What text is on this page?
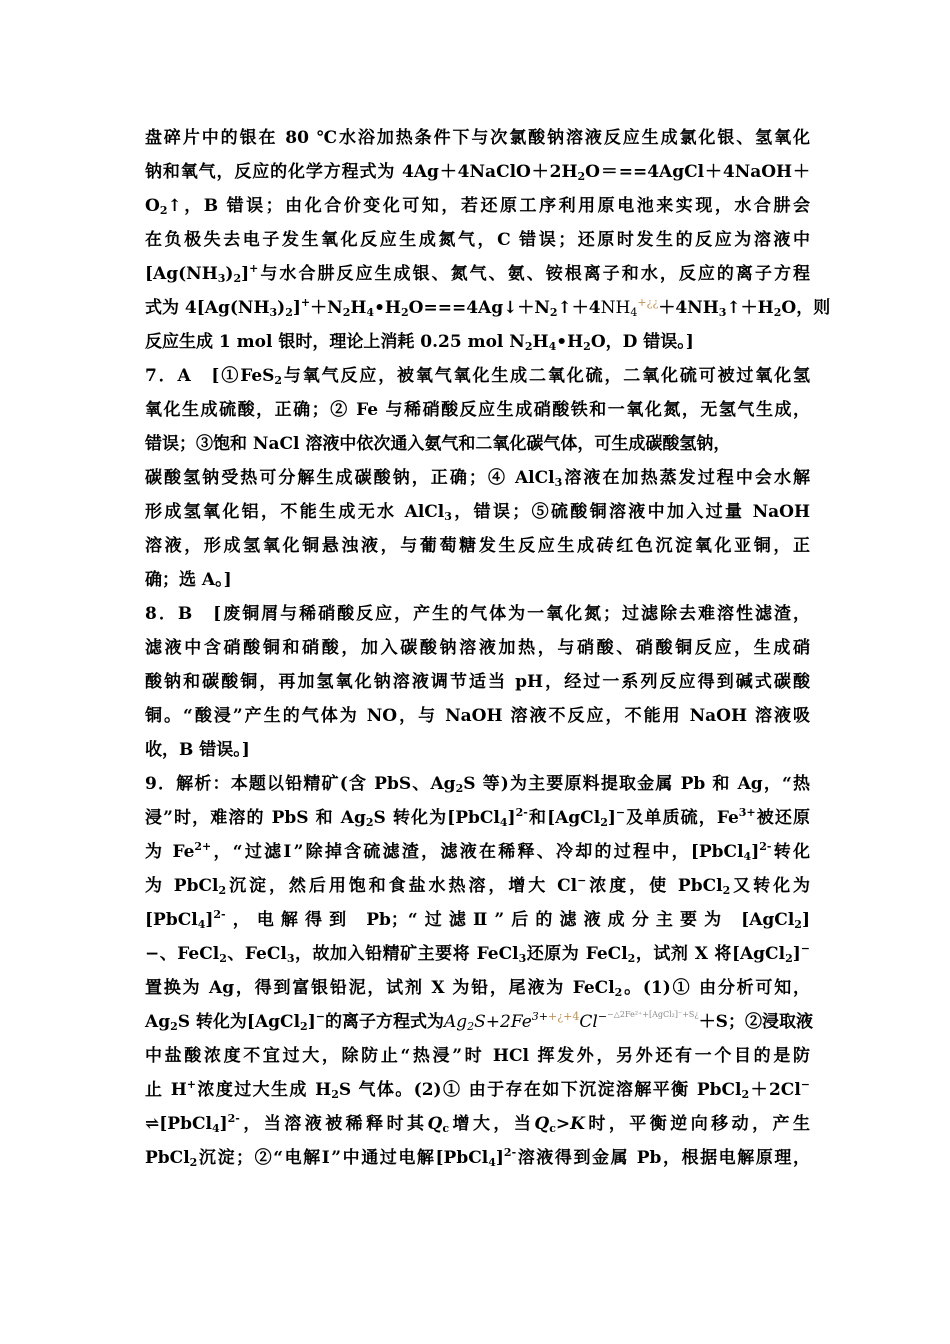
盘碎片中的银在 80 ℃水浴加热条件下与次氯酸钠溶液反应生成氯化银、氢氧化
钠和氧气，反应的化学方程式为 $4Ag+4NaClO+2H_2O===4AgCl+4NaOH+$
$O_2↑$，B 错误；由化合价变化可知，若还原工序利用原电池来实现，水合肼会
在负极失去电子发生氧化反应生成氮气，C 错误；还原时发生的反应为溶液中
$[Ag(NH_3)_2]^+$与水合肼反应生成银、氮气、氨、铵根离子和水，反应的离子方程
式为 $4[Ag(NH_3)_2]^++N_2H_4•H_2O===4Ag↓+N_2↑+4NH_4^{+¿¿}+4NH_3↑+H_2O$，则
反应生成 1 mol 银时，理论上消耗 0.25 mol $N_2H_4•H_2O$，D 错误。]
7．A　[①FeS$_2$与氧气反应，被氧气氧化生成二氧化硫，二氧化硫可被过氧化氢
氧化生成硫酸，正确；② Fe 与稀硝酸反应生成硝酸铁和一氧化氮，无氢气生成，
错误；③饱和 NaCl 溶液中依次通入氨气和二氧化碳气体，可生成碳酸氢钠，
碳酸氢钠受热可分解生成碳酸钠，正确；④ AlCl$_3$溶液在加热蒸发过程中会水解
形成氢氧化铝，不能生成无水 AlCl$_3$，错误；⑤硫酸铜溶液中加入过量 NaOH
溶液，形成氢氧化铜悬浊液，与葡萄糖发生反应生成砖红色沉淀氧化亚铜，正
确；选 A。]
8．B　[废铜屑与稀硝酸反应，产生的气体为一氧化氮；过滤除去难溶性滤渣，
滤液中含硝酸铜和硝酸，加入碳酸钠溶液加热，与硝酸、硝酸铜反应，生成硝
酸钠和碳酸铜，再加氢氧化钠溶液调节适当 pH，经过一系列反应得到碱式碳酸
铜。“酸浸”产生的气体为 NO，与 NaOH 溶液不反应，不能用 NaOH 溶液吸
收，B 错误。]
9．解析：本题以铅精矿(含 PbS、$Ag_2S$ 等)为主要原料提取金属 Pb 和 Ag，“热
浸”时，难溶的 PbS 和 $Ag_2S$ 转化为[PbCl$_4$]$^{2-}$和[AgCl$_2$]−及单质硫，$Fe^{3+}$被还原
为 $Fe^{2+}$，“过滤Ⅰ”除掉含硫滤渣，滤液在稀释、冷却的过程中，[PbCl$_4$]$^{2-}$转化
为 PbCl$_2$沉淀，然后用饱和食盐水热溶，增大 Cl−浓度，使 PbCl$_2$又转化为
[PbCl$_4$]$^{2-}$，电解得到 Pb；“过滤Ⅱ”后的滤液成分主要为 [AgCl$_2$]
−、FeCl$_2$、FeCl$_3$，故加入铅精矿主要将 FeCl$_3$还原为 FeCl$_2$，试剂 X 将[AgCl$_2$]−
置换为 Ag，得到富银铅泥，试剂 X 为铅，尾液为 FeCl$_2$。(1)① 由分析可知，
$Ag_2S$ 转化为[AgCl$_2$]−的离子方程式为$Ag_2S+2Fe^{3++¿+4}Cl^{--\triangle 2Fe^{2+}+[AgCl_2]^-+S¿}+S$；②浸取液
中盐酸浓度不宜过大，除防止“热浸”时 HCl 挥发外，另外还有一个目的是防
止 H+浓度过大生成 $H_2S$ 气体。(2)① 由于存在如下沉淀溶解平衡 PbCl$_2$＋2Cl−
⇌[PbCl$_4$]$^{2-}$，当溶液被稀释时其$Q_c$增大，当$Q_c>K$时，平衡逆向移动，产生
PbCl$_2$沉淀；②“电解Ⅰ”中通过电解[PbCl$_4$]$^{2-}$溶液得到金属 Pb，根据电解原理，
